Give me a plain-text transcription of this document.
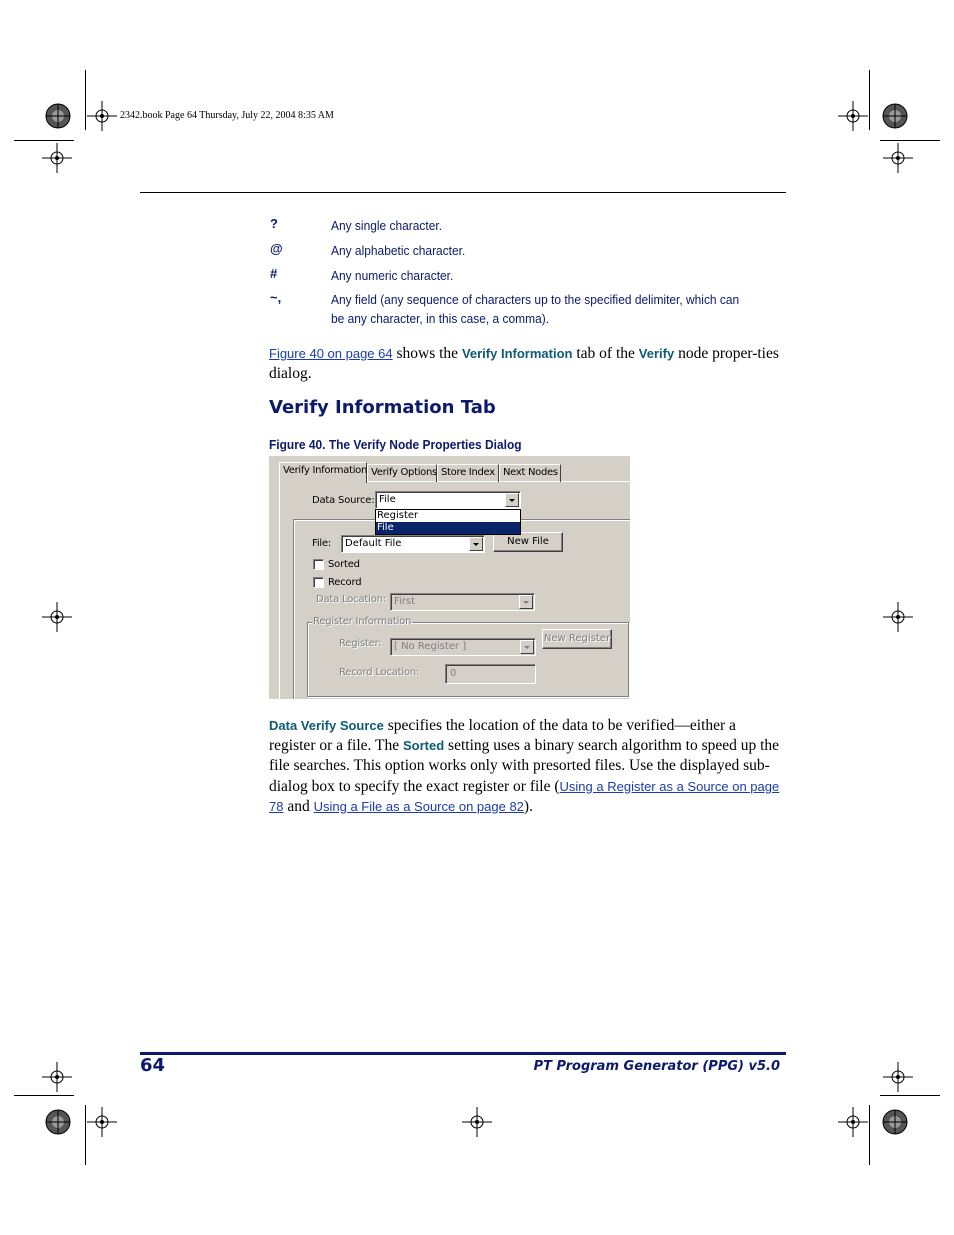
2342.book Page 64 Thursday, July 22, 2004 8:35 AM
?	Any single character.
@	Any alphabetic character.
#	Any numeric character.
~,	Any field (any sequence of characters up to the specified delimiter, which can be any character, in this case, a comma).
Figure 40 on page 64 shows the Verify Information tab of the Verify node proper-ties dialog.
Verify Information Tab
Figure 40. The Verify Node Properties Dialog
Verify Information Verify Options Store Index Next Nodes
Data Source: File
Register
File
File:	Default File	New File
Sorted
Record
Data Location: First
Register Information
Register:	[ No Register ]
New Register
Record Location:	0
Data Verify Source specifies the location of the data to be verified—either a register or a file. The Sorted setting uses a binary search algorithm to speed up the file searches. This option works only with presorted files. Use the displayed sub-dialog box to specify the exact register or file (Using a Register as a Source on page 78 and Using a File as a Source on page 82).
64	PT Program Generator (PPG) v5.0
